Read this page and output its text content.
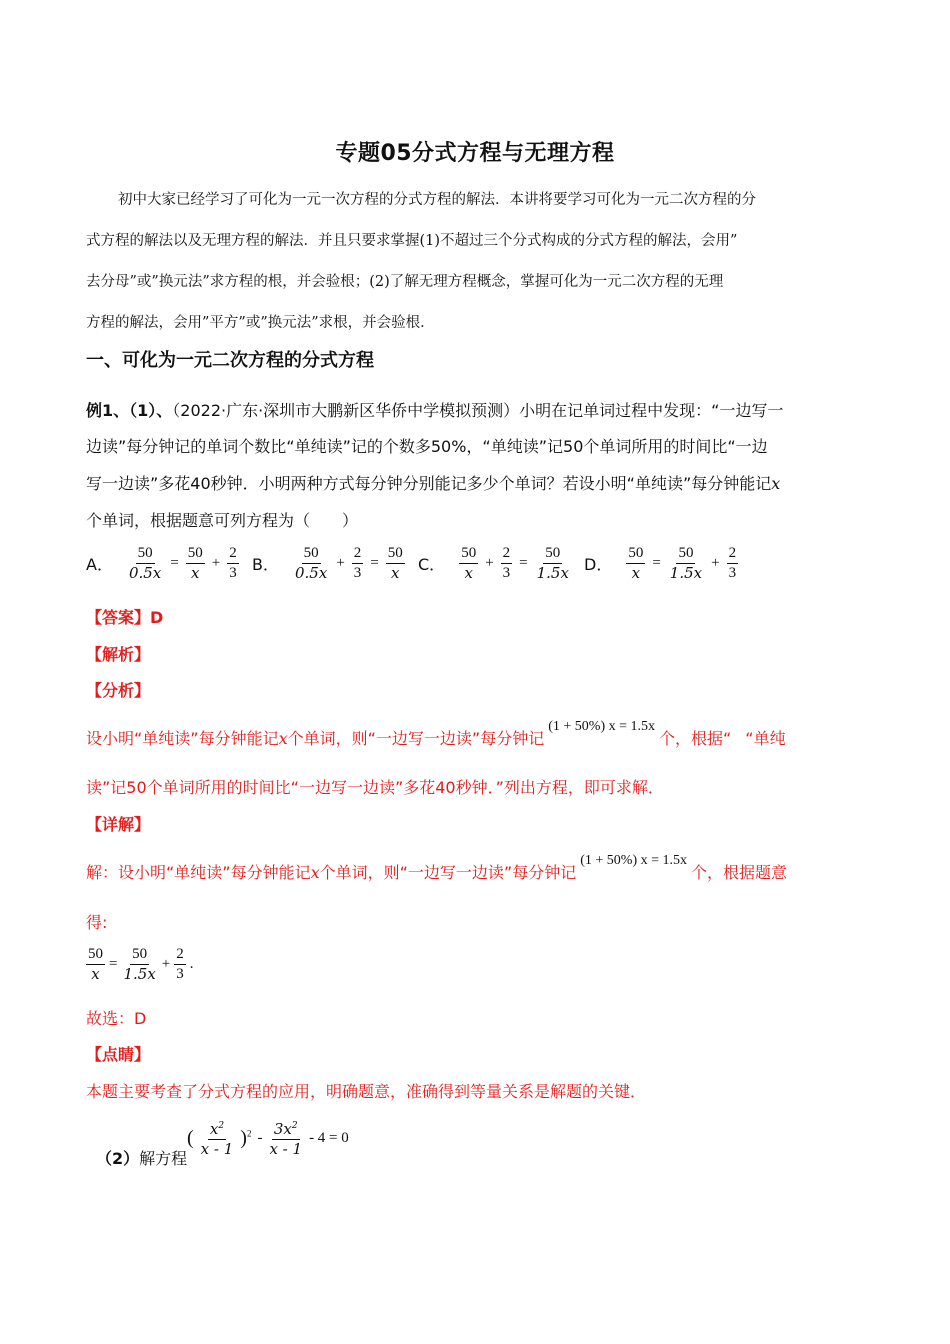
专题05分式方程与无理方程
初中大家已经学习了可化为一元一次方程的分式方程的解法．本讲将要学习可化为一元二次方程的分
式方程的解法以及无理方程的解法．并且只要求掌握(1)不超过三个分式构成的分式方程的解法，会用”
去分母”或”换元法”求方程的根，并会验根；(2)了解无理方程概念，掌握可化为一元二次方程的无理
方程的解法，会用”平方”或”换元法”求根，并会验根．
一、可化为一元二次方程的分式方程
例1、（1）、（2022·广东·深圳市大鹏新区华侨中学模拟预测）小明在记单词过程中发现：“一边写一
边读”每分钟记的单词个数比“单纯读”记的个数多50%，“单纯读”记50个单词所用的时间比“一边
写一边读”多花40秒钟．小明两种方式每分钟分别能记多少个单词？若设小明“单纯读”每分钟能记x
个单词，根据题意可列方程为（　　）
A． $\frac{50}{0.5x} = \frac{50}{x} + \frac{2}{3}$ B． $\frac{50}{0.5x} + \frac{2}{3} = \frac{50}{x}$ C． $\frac{50}{x} + \frac{2}{3} = \frac{50}{1.5x}$ D． $\frac{50}{x} = \frac{50}{1.5x} + \frac{2}{3}$
【答案】D
【解析】
【分析】
设小明“单纯读”每分钟能记x个单词，则“一边写一边读”每分钟记(1 + 50%) x = 1.5x个，根据“ “单纯
读”记50个单词所用的时间比“一边写一边读”多花40秒钟．”列出方程，即可求解．
【详解】
解：设小明“单纯读”每分钟能记x个单词，则“一边写一边读”每分钟记(1 + 50%) x = 1.5x个，根据题意
得:
$\frac{50}{x} = \frac{50}{1.5x} + \frac{2}{3}$ .
故选：D
【点睛】
本题主要考查了分式方程的应用，明确题意，准确得到等量关系是解题的关键．
（2）解方程
( $\frac{x^2}{x - 1} )^2 - \frac{3x^2}{x - 1} - 4 = 0$
